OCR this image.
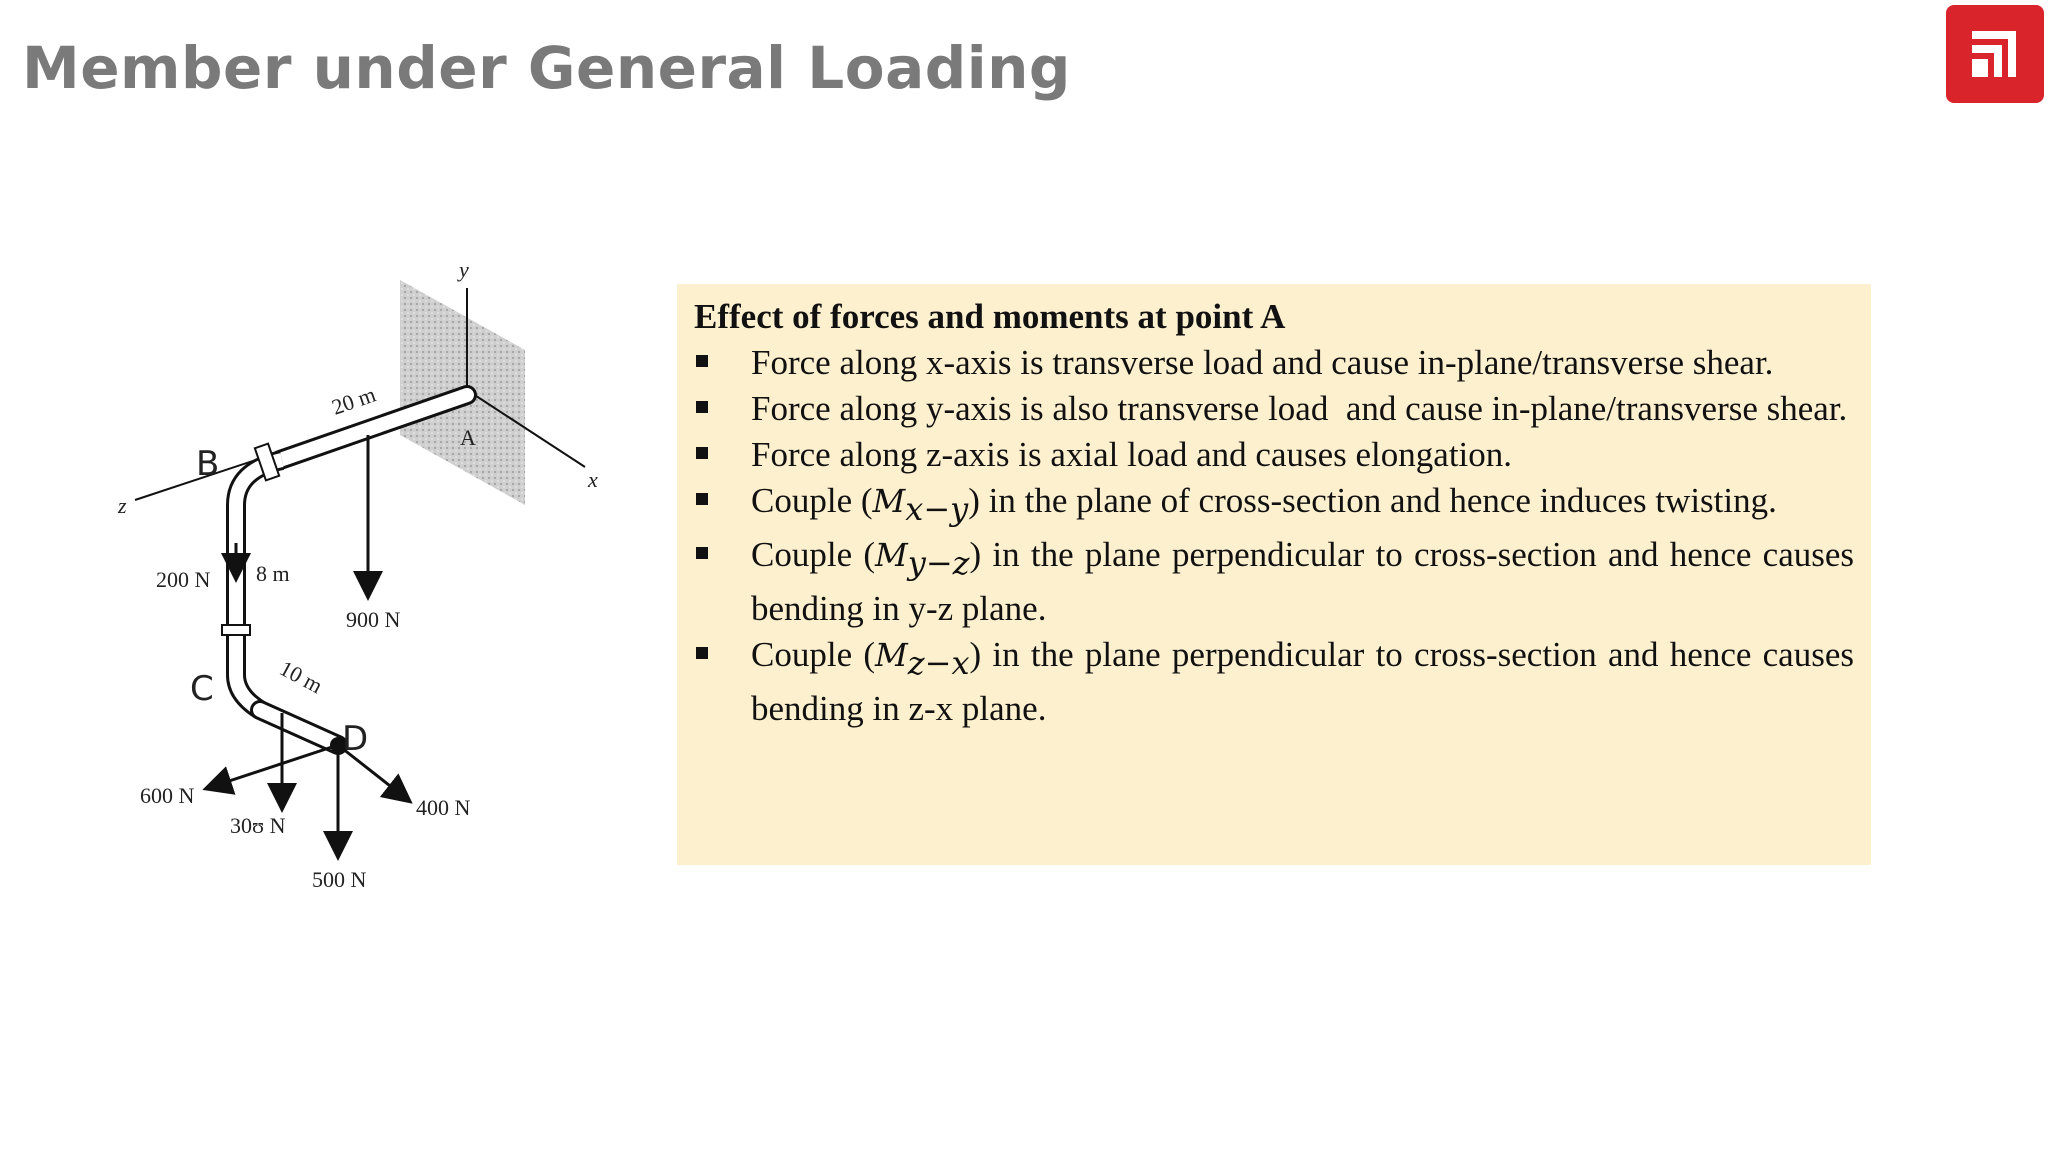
Member under General Loading
y
x
z
A
B
C
D
20 m
8 m
10 m
200 N
900 N
600 N
30ʊ N
400 N
500 N

Effect of forces and moments at point A

Force along x-axis is transverse load and cause in-plane/transverse shear.
Force along y-axis is also transverse load  and cause in-plane/transverse shear.
Force along z-axis is axial load and causes elongation.
Couple $(M_{x-y})$ in the plane of cross-section and hence induces twisting.
Couple $(M_{y-z})$ in the plane perpendicular to cross-section and hence causes bending in y-z plane.
Couple $(M_{z-x})$ in the plane perpendicular to cross-section and hence causes bending in z-x plane.
